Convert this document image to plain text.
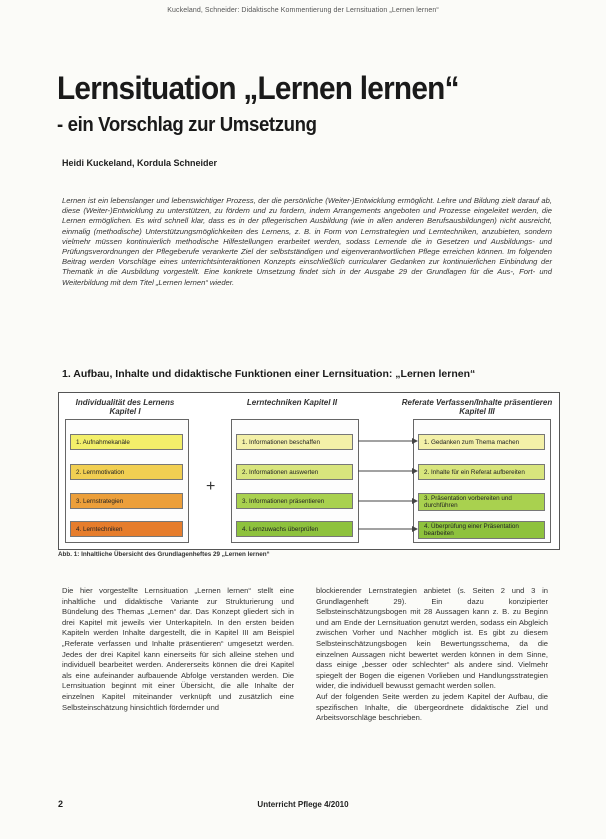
Kuckeland, Schneider: Didaktische Kommentierung der Lernsituation „Lernen lernen“
Lernsituation „Lernen lernen“
- ein Vorschlag zur Umsetzung
Heidi Kuckeland, Kordula Schneider
Lernen ist ein lebenslanger und lebenswichtiger Prozess, der die persönliche (Weiter-)Entwicklung ermöglicht. Lehre und Bildung zielt darauf ab, diese (Weiter-)Entwicklung zu unterstützen, zu fördern und zu fordern, indem Arrangements angeboten und Prozesse eingeleitet werden, die Lernen ermöglichen. Es wird schnell klar, dass es in der pflegerischen Ausbildung (wie in allen anderen Berufsausbildungen) nicht ausreicht, einmalig (methodische) Unterstützungsmöglichkeiten des Lernens, z. B. in Form von Lernstrategien und Lerntechniken, anzubieten, sondern vielmehr müssen kontinuierlich methodische Hilfestellungen erarbeitet werden, sodass Lernende die in Gesetzen und Ausbildungs- und Prüfungsverordnungen der Pflegeberufe verankerte Ziel der selbstständigen und eigenverantwortlichen Pflege erreichen können. Im folgenden Beitrag werden Vorschläge eines unterrichtsinteraktionen Konzepts einschließlich curricularer Gedanken zur kontinuierlichen Einbindung der Thematik in die Ausbildung vorgestellt. Eine konkrete Umsetzung findet sich in der Ausgabe 29 der Grundlagen für die Aus-, Fort- und Weiterbildung mit dem Titel „Lernen lernen“ wieder.
1. Aufbau, Inhalte und didaktische Funktionen einer Lernsituation: „Lernen lernen“
Individualität des Lernens Kapitel I
1. Aufnahmekanäle
2. Lernmotivation
3. Lernstrategien
4. Lerntechniken
Lerntechniken Kapitel II
1. Informationen beschaffen
2. Informationen auswerten
3. Informationen präsentieren
4. Lernzuwachs überprüfen
Referate Verfassen/Inhalte präsentieren Kapitel III
1. Gedanken zum Thema machen
2. Inhalte für ein Referat aufbereiten
3. Präsentation vorbereiten und durchführen
4. Überprüfung einer Präsentation bearbeiten
+
Abb. 1: Inhaltliche Übersicht des Grundlagenheftes 29 „Lernen lernen“
Die hier vorgestellte Lernsituation „Lernen lernen“ stellt eine inhaltliche und didaktische Variante zur Strukturierung und Bündelung des Themas „Lernen“ dar. Das Konzept gliedert sich in drei Kapitel mit jeweils vier Unterkapiteln. In den ersten beiden Kapiteln werden Inhalte dargestellt, die in Kapitel III am Beispiel „Referate verfassen und Inhalte präsentieren“ umgesetzt werden. Jedes der drei Kapitel kann einerseits für sich alleine stehen und individuell bearbeitet werden. Andererseits können die drei Kapitel als eine aufeinander aufbauende Abfolge verstanden werden. Die Lernsituation beginnt mit einer Übersicht, die alle Inhalte der einzelnen Kapitel miteinander verknüpft und zusätzlich eine Selbsteinschätzung hinsichtlich fördernder und
blockierender Lernstrategien anbietet (s. Seiten 2 und 3 in Grundlagenheft 29). Ein dazu konzipierter Selbsteinschätzungsbogen mit 28 Aussagen kann z. B. zu Beginn und am Ende der Lernsituation genutzt werden, sodass ein Abgleich zwischen Vorher und Nachher möglich ist. Es gibt zu diesem Selbsteinschätzungsbogen kein Bewertungsschema, da die einzelnen Aussagen nicht bewertet werden können in dem Sinne, dass einige „besser oder schlechter“ als andere sind. Vielmehr spiegelt der Bogen die eigenen Vorlieben und Handlungsstrategien wider, die individuell bewusst gemacht werden sollen.
Auf der folgenden Seite werden zu jedem Kapitel der Aufbau, die spezifischen Inhalte, die übergeordnete didaktische Ziel und Arbeitsvorschläge beschrieben.
2	Unterricht Pflege 4/2010
